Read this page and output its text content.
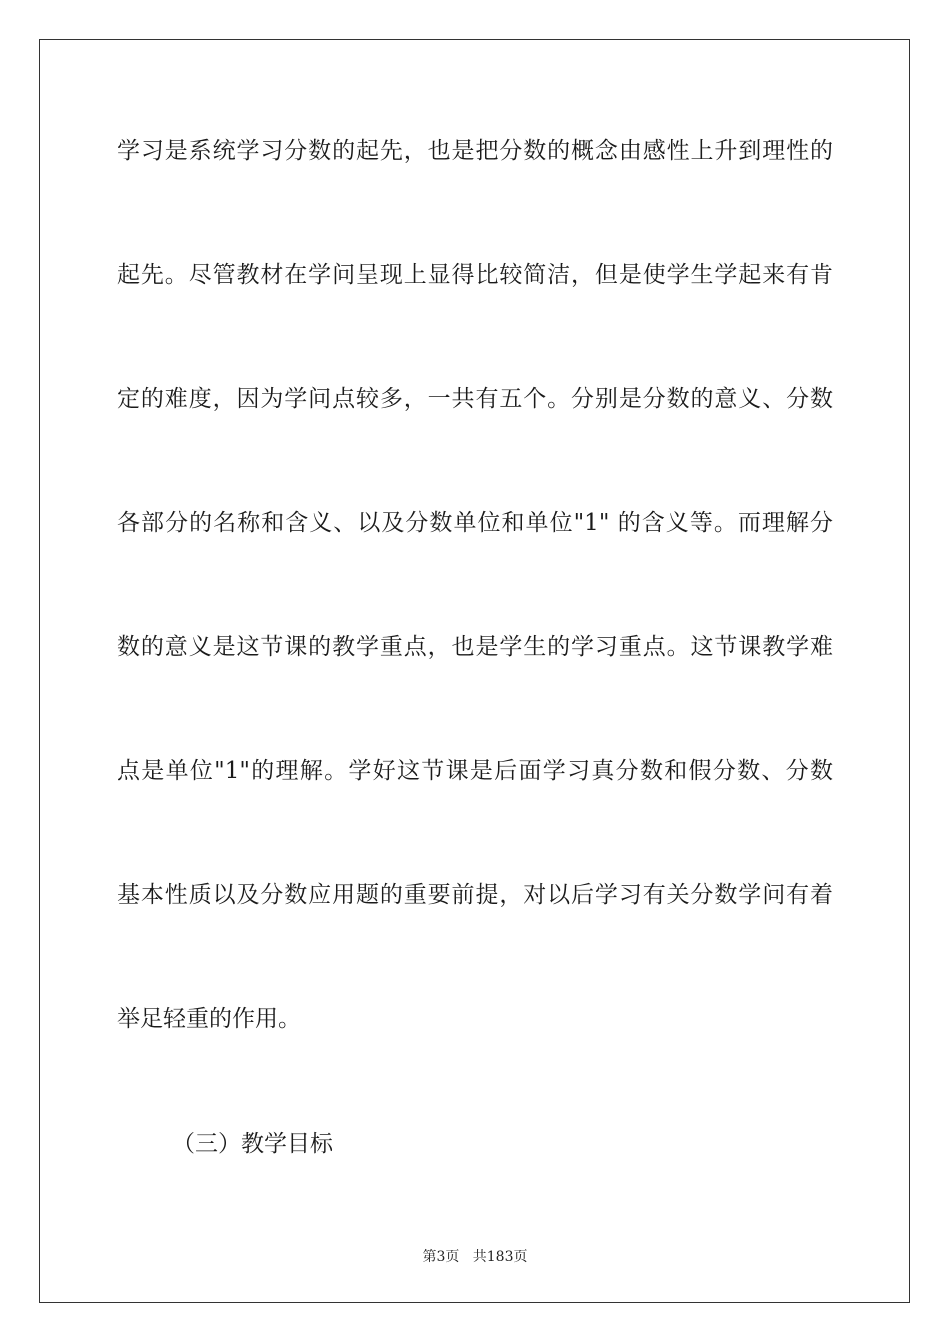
学习是系统学习分数的起先，也是把分数的概念由感性上升到理性的
起先。尽管教材在学问呈现上显得比较简洁，但是使学生学起来有肯
定的难度，因为学问点较多，一共有五个。分别是分数的意义、分数
各部分的名称和含义、以及分数单位和单位"1" 的含义等。而理解分
数的意义是这节课的教学重点，也是学生的学习重点。这节课教学难
点是单位"1"的理解。学好这节课是后面学习真分数和假分数、分数
基本性质以及分数应用题的重要前提，对以后学习有关分数学问有着
举足轻重的作用。
（三）教学目标
第3页   共183页
